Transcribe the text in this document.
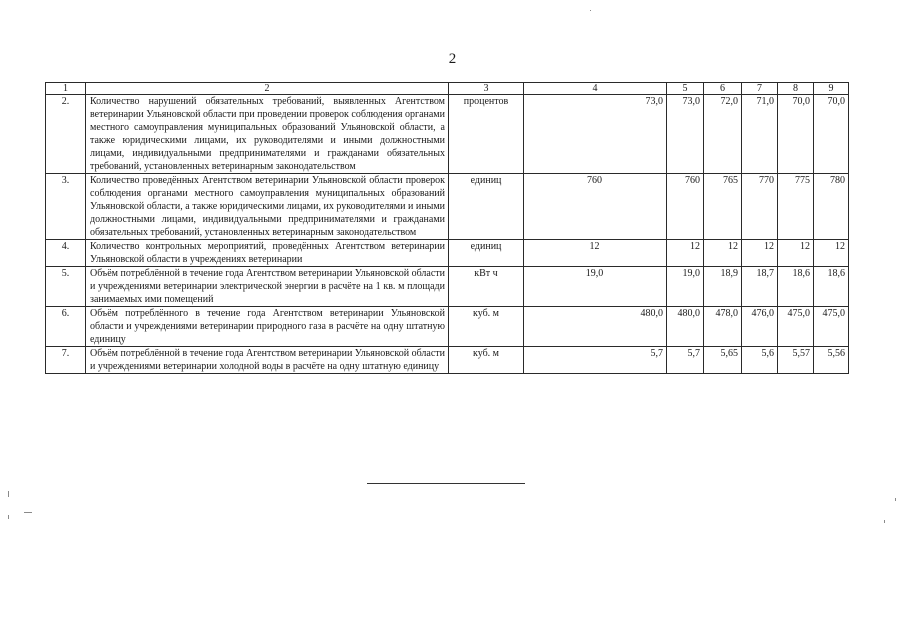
2
1	2	3	4	5	6	7	8	9
2.	Количество нарушений обязательных требований, выявленных Агентством ветеринарии Ульяновской области при проведении проверок соблюдения органами местного самоуправления муниципальных образований Ульяновской области, а также юридическими лицами, их руководителями и иными должностными лицами, индивидуальными предпринимателями и гражданами обязательных требований, установленных ветеринарным законодательством	процентов	73,0	73,0	72,0	71,0	70,0	70,0
3.	Количество проведённых Агентством ветеринарии Ульяновской области проверок соблюдения органами местного самоуправления муниципальных образований Ульяновской области, а также юридическими лицами, их руководителями и иными должностными лицами, индивидуальными предпринимателями и гражданами обязательных требований, установленных ветеринарным законодательством	единиц	760	760	765	770	775	780
4.	Количество контрольных мероприятий, проведённых Агентством ветеринарии Ульяновской области в учреждениях ветеринарии	единиц	12	12	12	12	12	12
5.	Объём потреблённой в течение года Агентством ветеринарии Ульяновской области и учреждениями ветеринарии электрической энергии в расчёте на 1 кв. м площади занимаемых ими помещений	кВт ч	19,0	19,0	18,9	18,7	18,6	18,6
6.	Объём потреблённого в течение года Агентством ветеринарии Ульяновской области и учреждениями ветеринарии природного газа в расчёте на одну штатную единицу	куб. м	480,0	480,0	478,0	476,0	475,0	475,0
7.	Объём потреблённой в течение года Агентством ветеринарии Ульяновской области и учреждениями ветеринарии холодной воды в расчёте на одну штатную единицу	куб. м	5,7	5,7	5,65	5,6	5,57	5,56
